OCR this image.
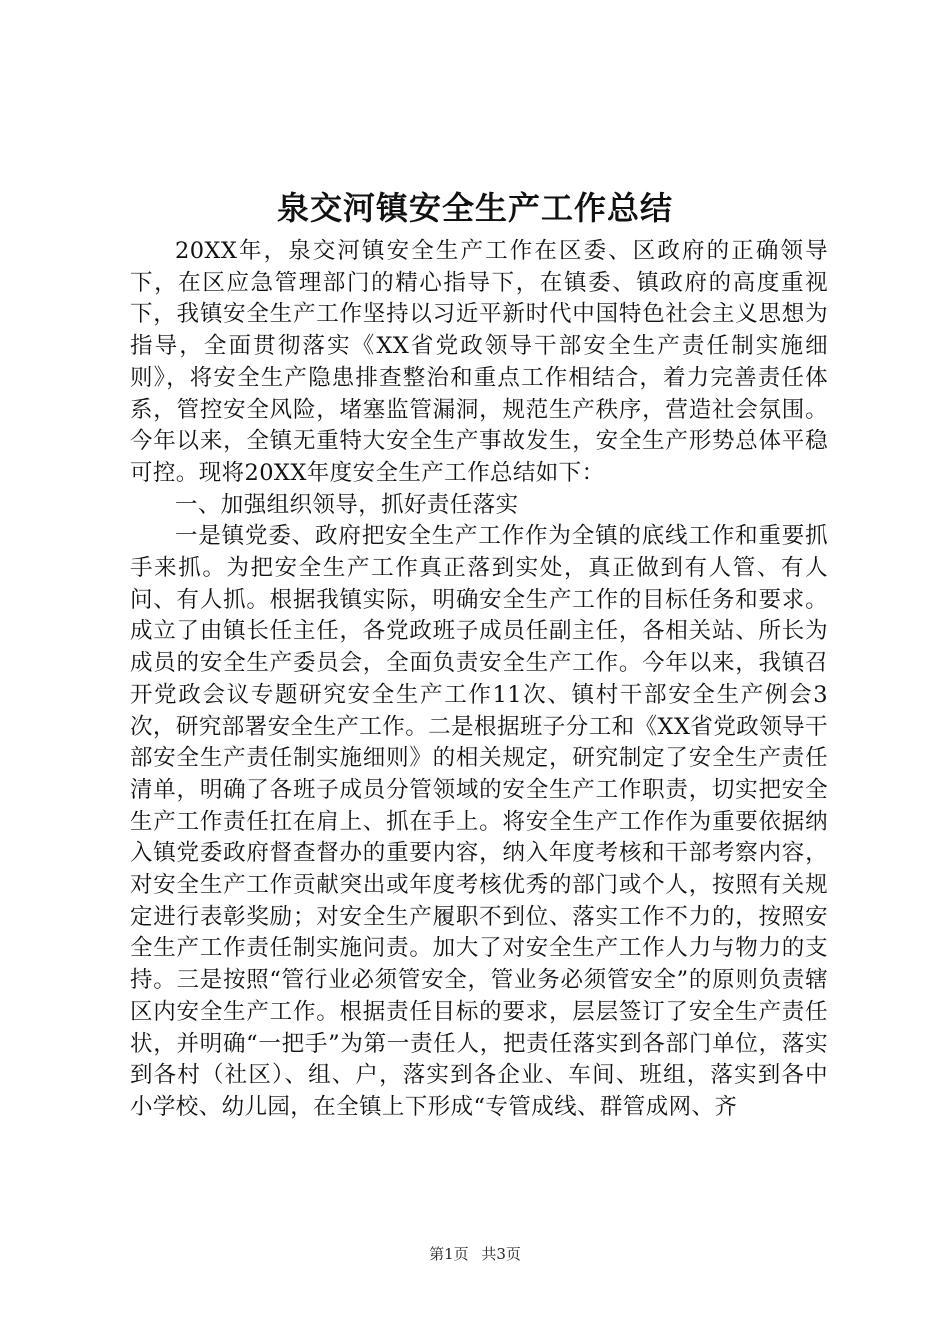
泉交河镇安全生产工作总结

20XX年，泉交河镇安全生产工作在区委、区政府的正确领导下，在区应急管理部门的精心指导下，在镇委、镇政府的高度重视下，我镇安全生产工作坚持以习近平新时代中国特色社会主义思想为指导，全面贯彻落实《XX省党政领导干部安全生产责任制实施细则》，将安全生产隐患排查整治和重点工作相结合，着力完善责任体系，管控安全风险，堵塞监管漏洞，规范生产秩序，营造社会氛围。今年以来，全镇无重特大安全生产事故发生，安全生产形势总体平稳可控。现将20XX年度安全生产工作总结如下：

一、加强组织领导，抓好责任落实

一是镇党委、政府把安全生产工作作为全镇的底线工作和重要抓手来抓。为把安全生产工作真正落到实处，真正做到有人管、有人问、有人抓。根据我镇实际，明确安全生产工作的目标任务和要求。成立了由镇长任主任，各党政班子成员任副主任，各相关站、所长为成员的安全生产委员会，全面负责安全生产工作。今年以来，我镇召开党政会议专题研究安全生产工作11次、镇村干部安全生产例会3次，研究部署安全生产工作。二是根据班子分工和《XX省党政领导干部安全生产责任制实施细则》的相关规定，研究制定了安全生产责任清单，明确了各班子成员分管领域的安全生产工作职责，切实把安全生产工作责任扛在肩上、抓在手上。将安全生产工作作为重要依据纳入镇党委政府督查督办的重要内容，纳入年度考核和干部考察内容，对安全生产工作贡献突出或年度考核优秀的部门或个人，按照有关规定进行表彰奖励；对安全生产履职不到位、落实工作不力的，按照安全生产工作责任制实施问责。加大了对安全生产工作人力与物力的支持。三是按照“管行业必须管安全，管业务必须管安全”的原则负责辖区内安全生产工作。根据责任目标的要求，层层签订了安全生产责任状，并明确“一把手”为第一责任人，把责任落实到各部门单位，落实到各村（社区）、组、户，落实到各企业、车间、班组，落实到各中小学校、幼儿园，在全镇上下形成“专管成线、群管成网、齐

第1页 共3页
